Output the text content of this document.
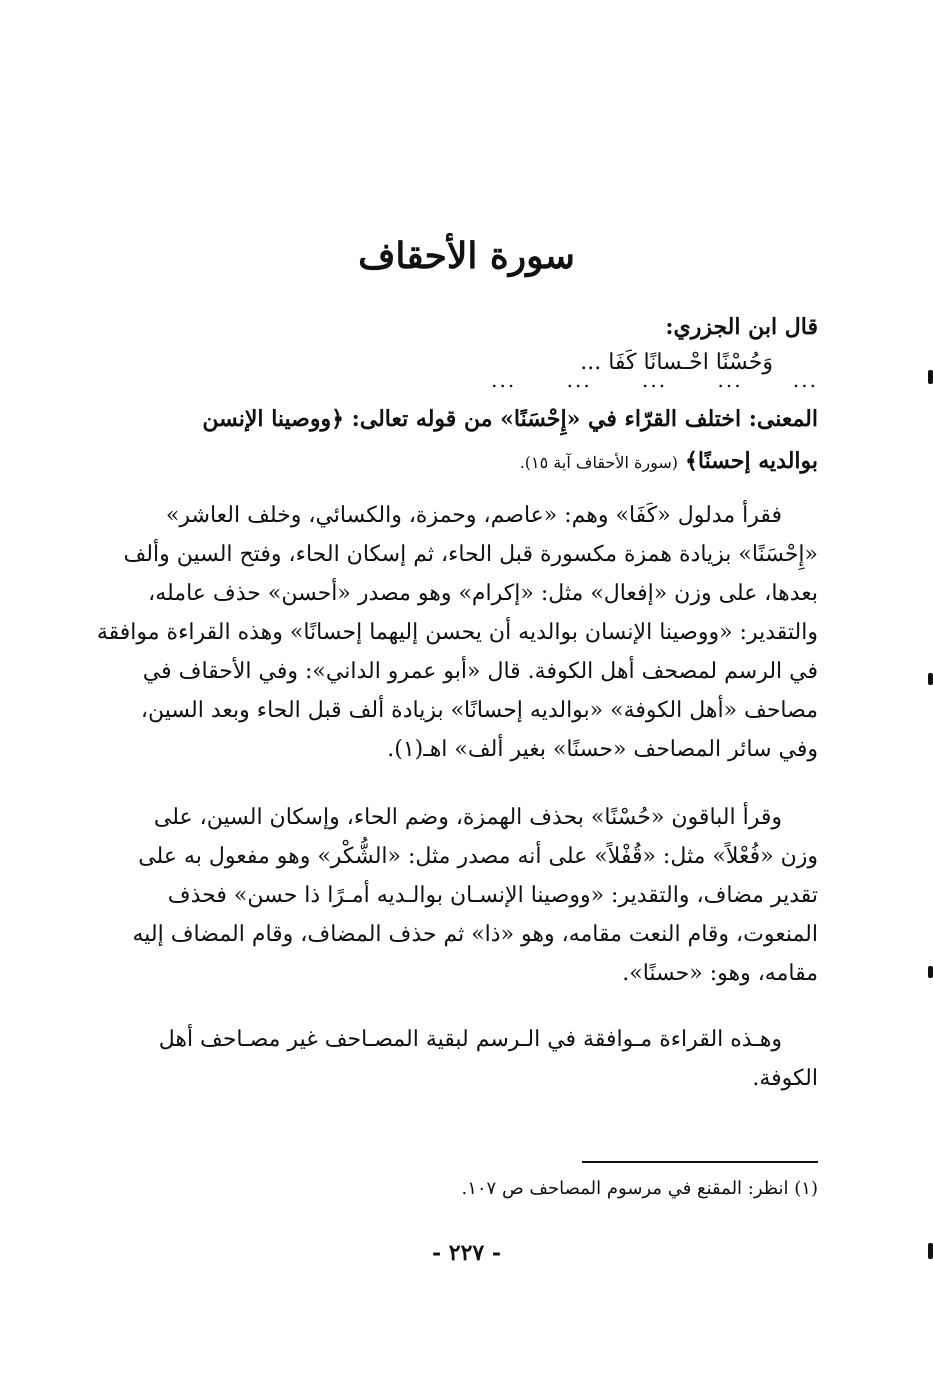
سورة الأحقاف

قال ابن الجزري:

وَحُسْنًا احْـسانًا كَفَا ...
... ... ... ... ...

المعنى: اختلف القرّاء في «إِحْسَنًا» من قوله تعالى: ﴿ووصينا الإنسن

بوالديه إحسنًا﴾ (سورة الأحقاف آية ١٥).

فقرأ مدلول «كَفَا» وهم: «عاصم، وحمزة، والكسائي، وخلف العاشر»

«إِحْسَنًا» بزيادة همزة مكسورة قبل الحاء، ثم إسكان الحاء، وفتح السين وألف

بعدها، على وزن «إفعال» مثل: «إكرام» وهو مصدر «أحسن» حذف عامله،

والتقدير: «ووصينا الإنسان بوالديه أن يحسن إليهما إحسانًا» وهذه القراءة موافقة

في الرسم لمصحف أهل الكوفة. قال «أبو عمرو الداني»: وفي الأحقاف في

مصاحف «أهل الكوفة» «بوالديه إحسانًا» بزيادة ألف قبل الحاء وبعد السين،

وفي سائر المصاحف «حسنًا» بغير ألف» اهـ(١).

وقرأ الباقون «حُسْنًا» بحذف الهمزة، وضم الحاء، وإسكان السين، على

وزن «فُعْلاً» مثل: «قُفْلاً» على أنه مصدر مثل: «الشُّكْر» وهو مفعول به على

تقدير مضاف، والتقدير: «ووصينا الإنسـان بوالـديه أمـرًا ذا حسن» فحذف

المنعوت، وقام النعت مقامه، وهو «ذا» ثم حذف المضاف، وقام المضاف إليه

مقامه، وهو: «حسنًا».

وهـذه القراءة مـوافقة في الـرسم لبقية المصـاحف غير مصـاحف أهل

الكوفة.

(١) انظر: المقنع في مرسوم المصاحف ص ١٠٧.
- ٢٢٧ -
